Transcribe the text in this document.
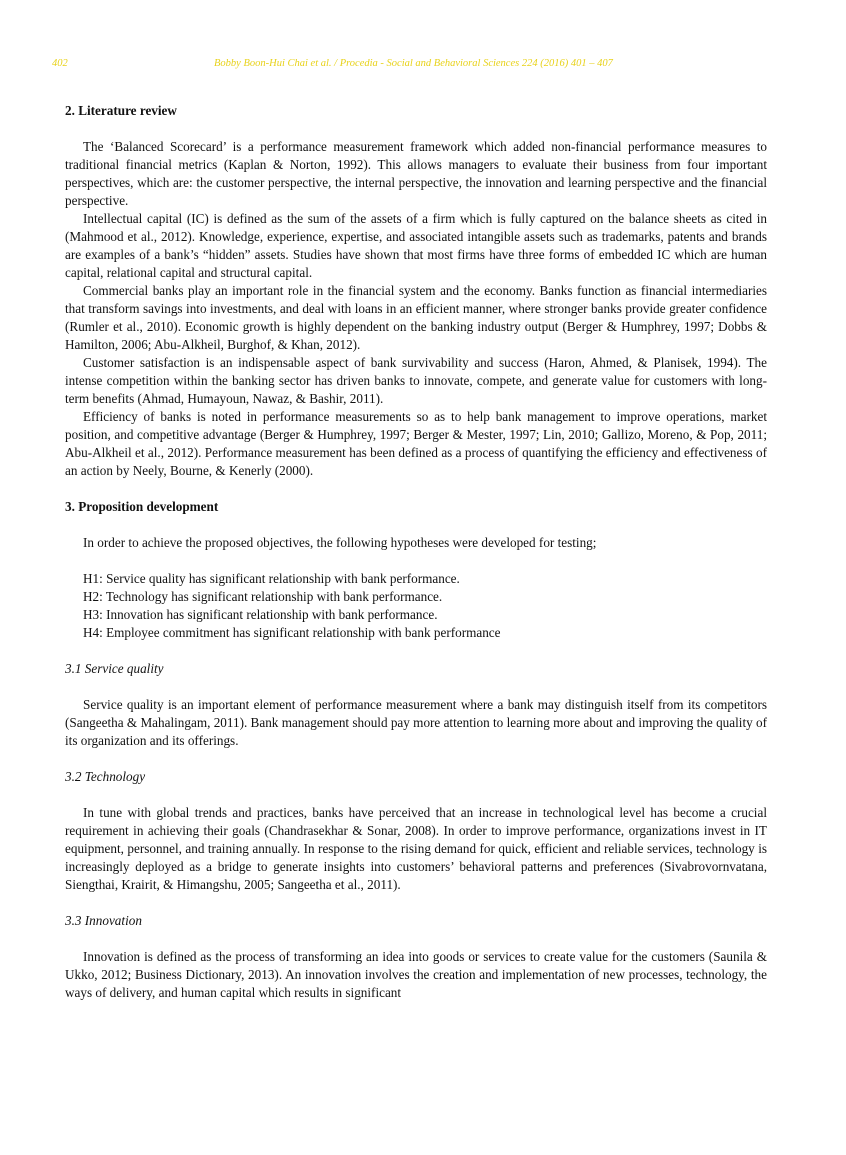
402	Bobby Boon-Hui Chai et al. / Procedia - Social and Behavioral Sciences 224 (2016) 401 – 407
2. Literature review

The ‘Balanced Scorecard’ is a performance measurement framework which added non-financial performance measures to traditional financial metrics (Kaplan & Norton, 1992). This allows managers to evaluate their business from four important perspectives, which are: the customer perspective, the internal perspective, the innovation and learning perspective and the financial perspective.

Intellectual capital (IC) is defined as the sum of the assets of a firm which is fully captured on the balance sheets as cited in (Mahmood et al., 2012). Knowledge, experience, expertise, and associated intangible assets such as trademarks, patents and brands are examples of a bank’s “hidden” assets. Studies have shown that most firms have three forms of embedded IC which are human capital, relational capital and structural capital.

Commercial banks play an important role in the financial system and the economy. Banks function as financial intermediaries that transform savings into investments, and deal with loans in an efficient manner, where stronger banks provide greater confidence (Rumler et al., 2010). Economic growth is highly dependent on the banking industry output (Berger & Humphrey, 1997; Dobbs & Hamilton, 2006; Abu-Alkheil, Burghof, & Khan, 2012).

Customer satisfaction is an indispensable aspect of bank survivability and success (Haron, Ahmed, & Planisek, 1994). The intense competition within the banking sector has driven banks to innovate, compete, and generate value for customers with long-term benefits (Ahmad, Humayoun, Nawaz, & Bashir, 2011).

Efficiency of banks is noted in performance measurements so as to help bank management to improve operations, market position, and competitive advantage (Berger & Humphrey, 1997; Berger & Mester, 1997; Lin, 2010; Gallizo, Moreno, & Pop, 2011; Abu-Alkheil et al., 2012). Performance measurement has been defined as a process of quantifying the efficiency and effectiveness of an action by Neely, Bourne, & Kenerly (2000).

3. Proposition development

In order to achieve the proposed objectives, the following hypotheses were developed for testing;

H1: Service quality has significant relationship with bank performance.
H2: Technology has significant relationship with bank performance.
H3: Innovation has significant relationship with bank performance.
H4: Employee commitment has significant relationship with bank performance
3.1 Service quality

Service quality is an important element of performance measurement where a bank may distinguish itself from its competitors (Sangeetha & Mahalingam, 2011). Bank management should pay more attention to learning more about and improving the quality of its organization and its offerings.

3.2 Technology

In tune with global trends and practices, banks have perceived that an increase in technological level has become a crucial requirement in achieving their goals (Chandrasekhar & Sonar, 2008). In order to improve performance, organizations invest in IT equipment, personnel, and training annually. In response to the rising demand for quick, efficient and reliable services, technology is increasingly deployed as a bridge to generate insights into customers’ behavioral patterns and preferences (Sivabrovornvatana, Siengthai, Krairit, & Himangshu, 2005; Sangeetha et al., 2011).

3.3 Innovation

Innovation is defined as the process of transforming an idea into goods or services to create value for the customers (Saunila & Ukko, 2012; Business Dictionary, 2013). An innovation involves the creation and implementation of new processes, technology, the ways of delivery, and human capital which results in significant
